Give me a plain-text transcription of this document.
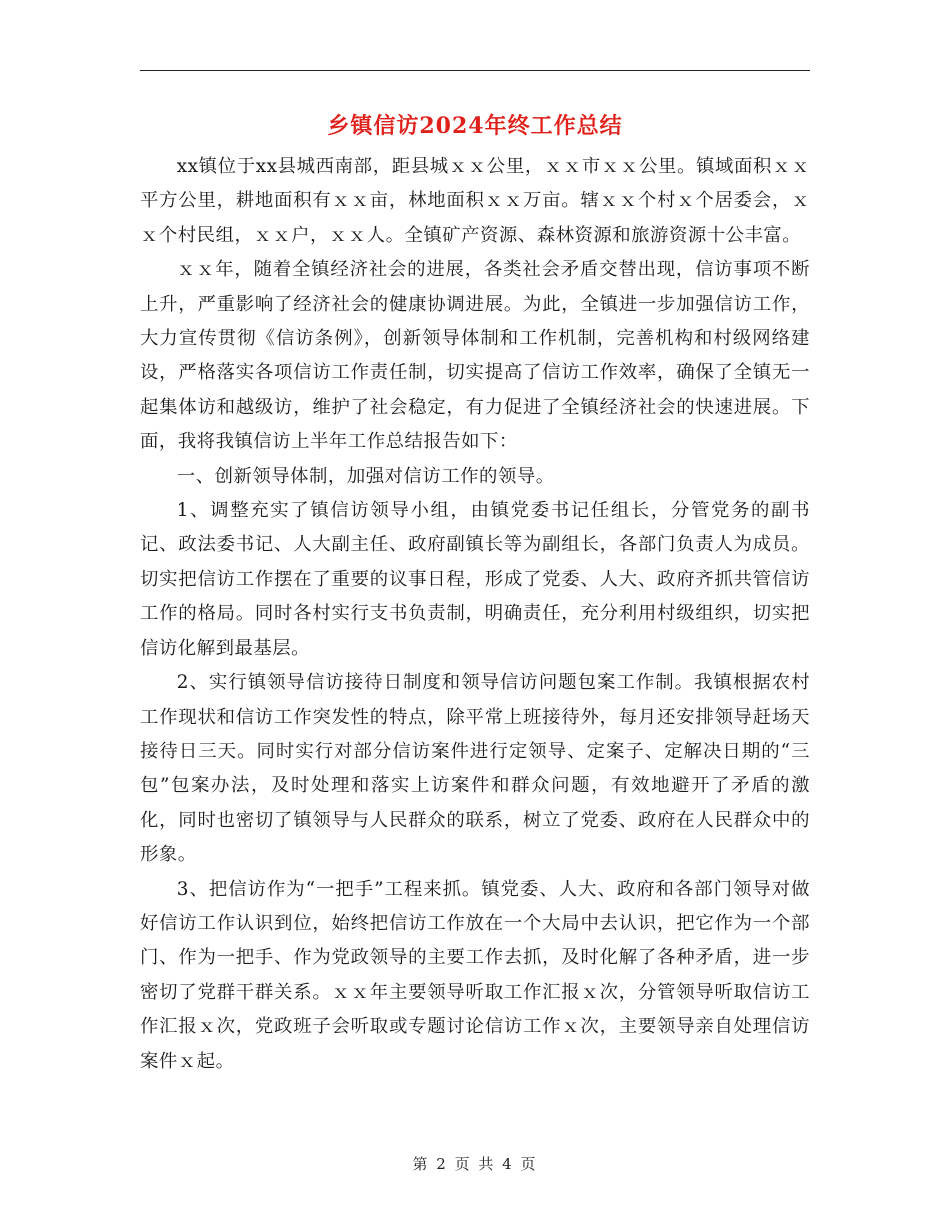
乡镇信访2024年终工作总结

xx镇位于xx县城西南部，距县城ｘｘ公里，ｘｘ市ｘｘ公里。镇域面积ｘｘ平方公里，耕地面积有ｘｘ亩，林地面积ｘｘ万亩。辖ｘｘ个村ｘ个居委会，ｘｘ个村民组，ｘｘ户，ｘｘ人。全镇矿产资源、森林资源和旅游资源十公丰富。

ｘｘ年，随着全镇经济社会的进展，各类社会矛盾交替出现，信访事项不断上升，严重影响了经济社会的健康协调进展。为此，全镇进一步加强信访工作，大力宣传贯彻《信访条例》，创新领导体制和工作机制，完善机构和村级网络建设，严格落实各项信访工作责任制，切实提高了信访工作效率，确保了全镇无一起集体访和越级访，维护了社会稳定，有力促进了全镇经济社会的快速进展。下面，我将我镇信访上半年工作总结报告如下：

一、创新领导体制，加强对信访工作的领导。

1、调整充实了镇信访领导小组，由镇党委书记任组长，分管党务的副书记、政法委书记、人大副主任、政府副镇长等为副组长，各部门负责人为成员。切实把信访工作摆在了重要的议事日程，形成了党委、人大、政府齐抓共管信访工作的格局。同时各村实行支书负责制，明确责任，充分利用村级组织，切实把信访化解到最基层。

2、实行镇领导信访接待日制度和领导信访问题包案工作制。我镇根据农村工作现状和信访工作突发性的特点，除平常上班接待外，每月还安排领导赶场天接待日三天。同时实行对部分信访案件进行定领导、定案子、定解决日期的“三包”包案办法，及时处理和落实上访案件和群众问题，有效地避开了矛盾的激化，同时也密切了镇领导与人民群众的联系，树立了党委、政府在人民群众中的形象。

3、把信访作为“一把手”工程来抓。镇党委、人大、政府和各部门领导对做好信访工作认识到位，始终把信访工作放在一个大局中去认识，把它作为一个部门、作为一把手、作为党政领导的主要工作去抓，及时化解了各种矛盾，进一步密切了党群干群关系。ｘｘ年主要领导听取工作汇报ｘ次，分管领导听取信访工作汇报ｘ次，党政班子会听取或专题讨论信访工作ｘ次，主要领导亲自处理信访案件ｘ起。

第 2 页 共 4 页
